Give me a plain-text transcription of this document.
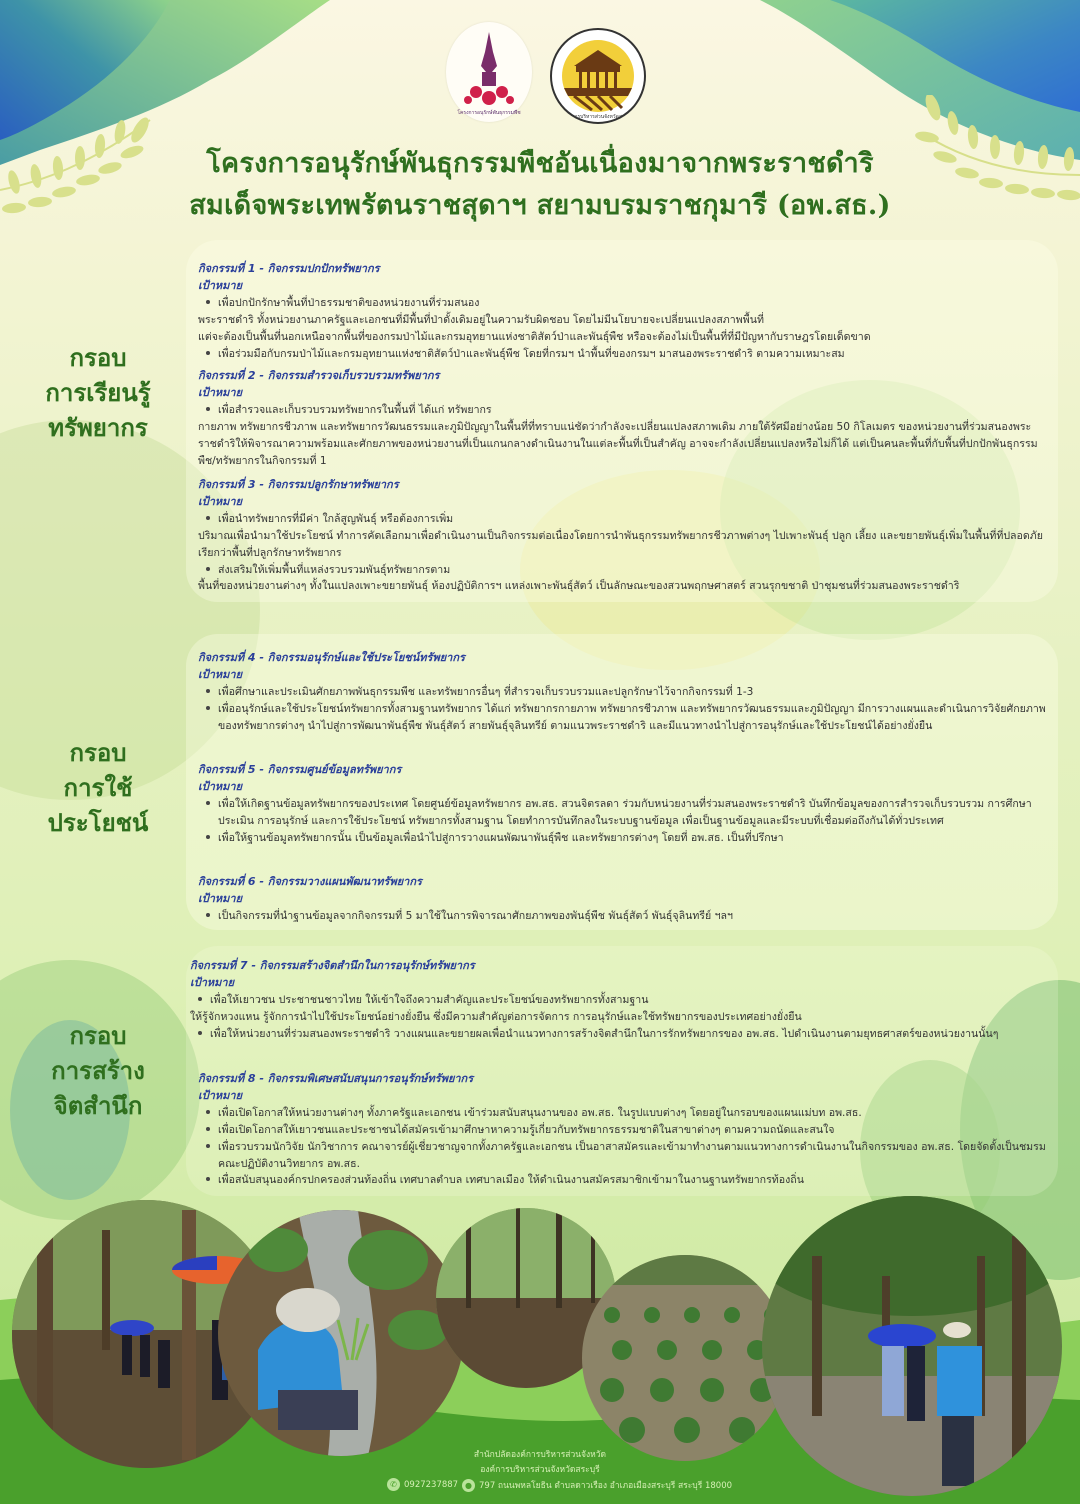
โครงการอนุรักษ์พันธุกรรมพืช
องค์การบริหารส่วนจังหวัดสระบุรี
โครงการอนุรักษ์พันธุกรรมพืชอันเนื่องมาจากพระราชดำริ
สมเด็จพระเทพรัตนราชสุดาฯ สยามบรมราชกุมารี (อพ.สธ.)
กรอบ
การเรียนรู้
ทรัพยากร
กรอบ
การใช้
ประโยชน์
กรอบ
การสร้าง
จิตสำนึก
กิจกรรมที่ 1 - กิจกรรมปกปักทรัพยากร
เป้าหมาย
เพื่อปกปักรักษาพื้นที่ป่าธรรมชาติของหน่วยงานที่ร่วมสนอง
พระราชดำริ ทั้งหน่วยงานภาครัฐและเอกชนที่มีพื้นที่ป่าดั้งเดิมอยู่ในความรับผิดชอบ โดยไม่มีนโยบายจะเปลี่ยนแปลงสภาพพื้นที่
แต่จะต้องเป็นพื้นที่นอกเหนือจากพื้นที่ของกรมป่าไม้และกรมอุทยานแห่งชาติสัตว์ป่าและพันธุ์พืช หรือจะต้องไม่เป็นพื้นที่ที่มีปัญหากับราษฎรโดยเด็ดขาด
เพื่อร่วมมือกับกรมป่าไม้และกรมอุทยานแห่งชาติสัตว์ป่าและพันธุ์พืช โดยที่กรมฯ นำพื้นที่ของกรมฯ มาสนองพระราชดำริ ตามความเหมาะสม
กิจกรรมที่ 2 - กิจกรรมสำรวจเก็บรวบรวมทรัพยากร
เป้าหมาย
เพื่อสำรวจและเก็บรวบรวมทรัพยากรในพื้นที่ ได้แก่ ทรัพยากร
กายภาพ ทรัพยากรชีวภาพ และทรัพยากรวัฒนธรรมและภูมิปัญญาในพื้นที่ที่ทราบแน่ชัดว่ากำลังจะเปลี่ยนแปลงสภาพเดิม ภายใต้รัศมีอย่างน้อย 50 กิโลเมตร ของหน่วยงานที่ร่วมสนองพระราชดำริให้พิจารณาความพร้อมและศักยภาพของหน่วยงานที่เป็นแกนกลางดำเนินงานในแต่ละพื้นที่เป็นสำคัญ อาจจะกำลังเปลี่ยนแปลงหรือไม่ก็ได้ แต่เป็นคนละพื้นที่กับพื้นที่ปกปักพันธุกรรมพืช/ทรัพยากรในกิจกรรมที่ 1
กิจกรรมที่ 3 - กิจกรรมปลูกรักษาทรัพยากร
เป้าหมาย
เพื่อนำทรัพยากรที่มีค่า ใกล้สูญพันธุ์ หรือต้องการเพิ่ม
ปริมาณเพื่อนำมาใช้ประโยชน์ ทำการคัดเลือกมาเพื่อดำเนินงานเป็นกิจกรรมต่อเนื่องโดยการนำพันธุกรรมทรัพยากรชีวภาพต่างๆ ไปเพาะพันธุ์ ปลูก เลี้ยง และขยายพันธุ์เพิ่มในพื้นที่ที่ปลอดภัยเรียกว่าพื้นที่ปลูกรักษาทรัพยากร
ส่งเสริมให้เพิ่มพื้นที่แหล่งรวบรวมพันธุ์ทรัพยากรตาม
พื้นที่ของหน่วยงานต่างๆ ทั้งในแปลงเพาะขยายพันธุ์ ห้องปฏิบัติการฯ แหล่งเพาะพันธุ์สัตว์ เป็นลักษณะของสวนพฤกษศาสตร์ สวนรุกขชาติ ป่าชุมชนที่ร่วมสนองพระราชดำริ
กิจกรรมที่ 4 - กิจกรรมอนุรักษ์และใช้ประโยชน์ทรัพยากร
เป้าหมาย
เพื่อศึกษาและประเมินศักยภาพพันธุกรรมพืช และทรัพยากรอื่นๆ ที่สำรวจเก็บรวบรวมและปลูกรักษาไว้จากกิจกรรมที่ 1-3
เพื่ออนุรักษ์และใช้ประโยชน์ทรัพยากรทั้งสามฐานทรัพยากร ได้แก่ ทรัพยากรกายภาพ ทรัพยากรชีวภาพ และทรัพยากรวัฒนธรรมและภูมิปัญญา มีการวางแผนและดำเนินการวิจัยศักยภาพของทรัพยากรต่างๆ นำไปสู่การพัฒนาพันธุ์พืช พันธุ์สัตว์ สายพันธุ์จุลินทรีย์ ตามแนวพระราชดำริ และมีแนวทางนำไปสู่การอนุรักษ์และใช้ประโยชน์ได้อย่างยั่งยืน
กิจกรรมที่ 5 - กิจกรรมศูนย์ข้อมูลทรัพยากร
เป้าหมาย
เพื่อให้เกิดฐานข้อมูลทรัพยากรของประเทศ โดยศูนย์ข้อมูลทรัพยากร อพ.สธ. สวนจิตรลดา ร่วมกับหน่วยงานที่ร่วมสนองพระราชดำริ บันทึกข้อมูลของการสำรวจเก็บรวบรวม การศึกษาประเมิน การอนุรักษ์ และการใช้ประโยชน์ ทรัพยากรทั้งสามฐาน โดยทำการบันทึกลงในระบบฐานข้อมูล เพื่อเป็นฐานข้อมูลและมีระบบที่เชื่อมต่อถึงกันได้ทั่วประเทศ
เพื่อให้ฐานข้อมูลทรัพยากรนั้น เป็นข้อมูลเพื่อนำไปสู่การวางแผนพัฒนาพันธุ์พืช และทรัพยากรต่างๆ โดยที่ อพ.สธ. เป็นที่ปรึกษา
กิจกรรมที่ 6 - กิจกรรมวางแผนพัฒนาทรัพยากร
เป้าหมาย
เป็นกิจกรรมที่นำฐานข้อมูลจากกิจกรรมที่ 5 มาใช้ในการพิจารณาศักยภาพของพันธุ์พืช พันธุ์สัตว์ พันธุ์จุลินทรีย์ ฯลฯ
กิจกรรมที่ 7 - กิจกรรมสร้างจิตสำนึกในการอนุรักษ์ทรัพยากร
เป้าหมาย
เพื่อให้เยาวชน ประชาชนชาวไทย ให้เข้าใจถึงความสำคัญและประโยชน์ของทรัพยากรทั้งสามฐาน
ให้รู้จักหวงแหน รู้จักการนำไปใช้ประโยชน์อย่างยั่งยืน ซึ่งมีความสำคัญต่อการจัดการ การอนุรักษ์และใช้ทรัพยากรของประเทศอย่างยั่งยืน
เพื่อให้หน่วยงานที่ร่วมสนองพระราชดำริ วางแผนและขยายผลเพื่อนำแนวทางการสร้างจิตสำนึกในการรักทรัพยากรของ อพ.สธ. ไปดำเนินงานตามยุทธศาสตร์ของหน่วยงานนั้นๆ
กิจกรรมที่ 8 - กิจกรรมพิเศษสนับสนุนการอนุรักษ์ทรัพยากร
เป้าหมาย
เพื่อเปิดโอกาสให้หน่วยงานต่างๆ ทั้งภาครัฐและเอกชน เข้าร่วมสนับสนุนงานของ อพ.สธ. ในรูปแบบต่างๆ โดยอยู่ในกรอบของแผนแม่บท อพ.สธ.
เพื่อเปิดโอกาสให้เยาวชนและประชาชนได้สมัครเข้ามาศึกษาหาความรู้เกี่ยวกับทรัพยากรธรรมชาติในสาขาต่างๆ ตามความถนัดและสนใจ
เพื่อรวบรวมนักวิจัย นักวิชาการ คณาจารย์ผู้เชี่ยวชาญจากทั้งภาครัฐและเอกชน เป็นอาสาสมัครและเข้ามาทำงานตามแนวทางการดำเนินงานในกิจกรรมของ อพ.สธ. โดยจัดตั้งเป็นชมรมคณะปฏิบัติงานวิทยากร อพ.สธ.
เพื่อสนับสนุนองค์กรปกครองส่วนท้องถิ่น เทศบาลตำบล เทศบาลเมือง ให้ดำเนินงานสมัครสมาชิกเข้ามาในงานฐานทรัพยากรท้องถิ่น
สำนักปลัดองค์การบริหารส่วนจังหวัด
องค์การบริหารส่วนจังหวัดสระบุรี
✆ 0927237887 ● 797 ถนนพหลโยธิน ตำบลดาวเรือง อำเภอเมืองสระบุรี สระบุรี 18000
